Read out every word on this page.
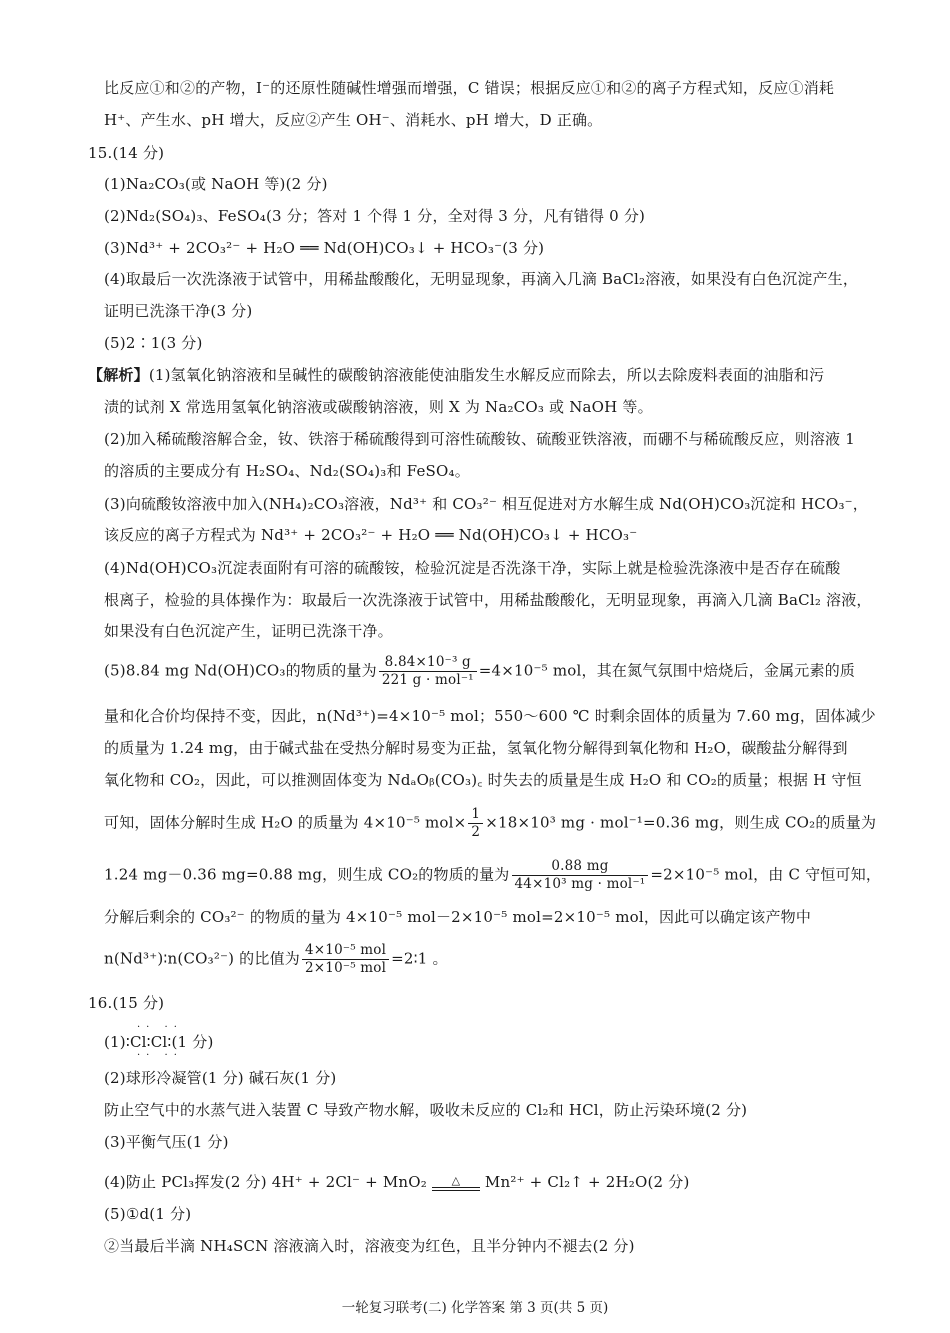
比反应①和②的产物，I⁻的还原性随碱性增强而增强，C 错误；根据反应①和②的离子方程式知，反应①消耗
H⁺、产生水、pH 增大，反应②产生 OH⁻、消耗水、pH 增大，D 正确。
15.(14 分)
(1)Na₂CO₃(或 NaOH 等)(2 分)
(2)Nd₂(SO₄)₃、FeSO₄(3 分；答对 1 个得 1 分，全对得 3 分，凡有错得 0 分)
(3)Nd³⁺ + 2CO₃²⁻ + H₂O ══ Nd(OH)CO₃↓ + HCO₃⁻(3 分)
(4)取最后一次洗涤液于试管中，用稀盐酸酸化，无明显现象，再滴入几滴 BaCl₂溶液，如果没有白色沉淀产生，
证明已洗涤干净(3 分)
(5)2∶1(3 分)
【解析】(1)氢氧化钠溶液和呈碱性的碳酸钠溶液能使油脂发生水解反应而除去，所以去除废料表面的油脂和污
渍的试剂 X 常选用氢氧化钠溶液或碳酸钠溶液，则 X 为 Na₂CO₃ 或 NaOH 等。
(2)加入稀硫酸溶解合金，钕、铁溶于稀硫酸得到可溶性硫酸钕、硫酸亚铁溶液，而硼不与稀硫酸反应，则溶液 1
的溶质的主要成分有 H₂SO₄、Nd₂(SO₄)₃和 FeSO₄。
(3)向硫酸钕溶液中加入(NH₄)₂CO₃溶液，Nd³⁺ 和 CO₃²⁻ 相互促进对方水解生成 Nd(OH)CO₃沉淀和 HCO₃⁻，
该反应的离子方程式为 Nd³⁺ + 2CO₃²⁻ + H₂O ══ Nd(OH)CO₃↓ + HCO₃⁻
(4)Nd(OH)CO₃沉淀表面附有可溶的硫酸铵，检验沉淀是否洗涤干净，实际上就是检验洗涤液中是否存在硫酸
根离子，检验的具体操作为：取最后一次洗涤液于试管中，用稀盐酸酸化，无明显现象，再滴入几滴 BaCl₂ 溶液，
如果没有白色沉淀产生，证明已洗涤干净。
(5)8.84 mg Nd(OH)CO₃的物质的量为 $\frac{\text{8.84×10⁻³ g}}{\text{221 g · mol⁻¹}} =4\times 10^{-5}$ mol，其在氮气氛围中焙烧后，金属元素的质
量和化合价均保持不变，因此，n(Nd³⁺)=4×10⁻⁵ mol；550～600 ℃ 时剩余固体的质量为 7.60 mg，固体减少
的质量为 1.24 mg，由于碱式盐在受热分解时易变为正盐，氢氧化物分解得到氧化物和 H₂O，碳酸盐分解得到
氧化物和 CO₂，因此，可以推测固体变为 NdₐOᵦ(CO₃)꜀ 时失去的质量是生成 H₂O 和 CO₂的质量；根据 H 守恒
可知，固体分解时生成 H₂O 的质量为 4×10⁻⁵ $mol\times \frac{1}{2} \times 18\times 10^3$ mg · mol⁻¹=0.36 mg，则生成 CO₂的质量为
1.24 mg－0.36 mg=0.88 mg，则生成 CO₂的物质的量为 $\frac{0.88 mg}{\text{44×10³ mg · mol⁻¹}} =2\times 10^{-5}$ mol，由 C 守恒可知，
分解后剩余的 CO₃²⁻ 的物质的量为 4×10⁻⁵ mol－2×10⁻⁵ mol=2×10⁻⁵ mol，因此可以确定该产物中
n(Nd³⁺)∶n(CO₃²⁻) 的比值为 $\frac{\text{4×10⁻⁵ mol}}{\text{2×10⁻⁵ mol}}$ =2∶1 。
16.(15 分)
·· ··
(1)∶Cl∶Cl∶(1 分)
·· ··
(2)球形冷凝管(1 分) 碱石灰(1 分)
防止空气中的水蒸气进入装置 C 导致产物水解，吸收未反应的 Cl₂和 HCl，防止污染环境(2 分)
(3)平衡气压(1 分)
(4)防止 PCl₃挥发(2 分) 4H⁺ + 2Cl⁻ + MnO₂	△	Mn²⁺ + Cl₂↑ + 2H₂O(2 分)
(5)①d(1 分)
②当最后半滴 NH₄SCN 溶液滴入时，溶液变为红色，且半分钟内不褪去(2 分)
一轮复习联考(二) 化学答案 第 3 页(共 5 页)
